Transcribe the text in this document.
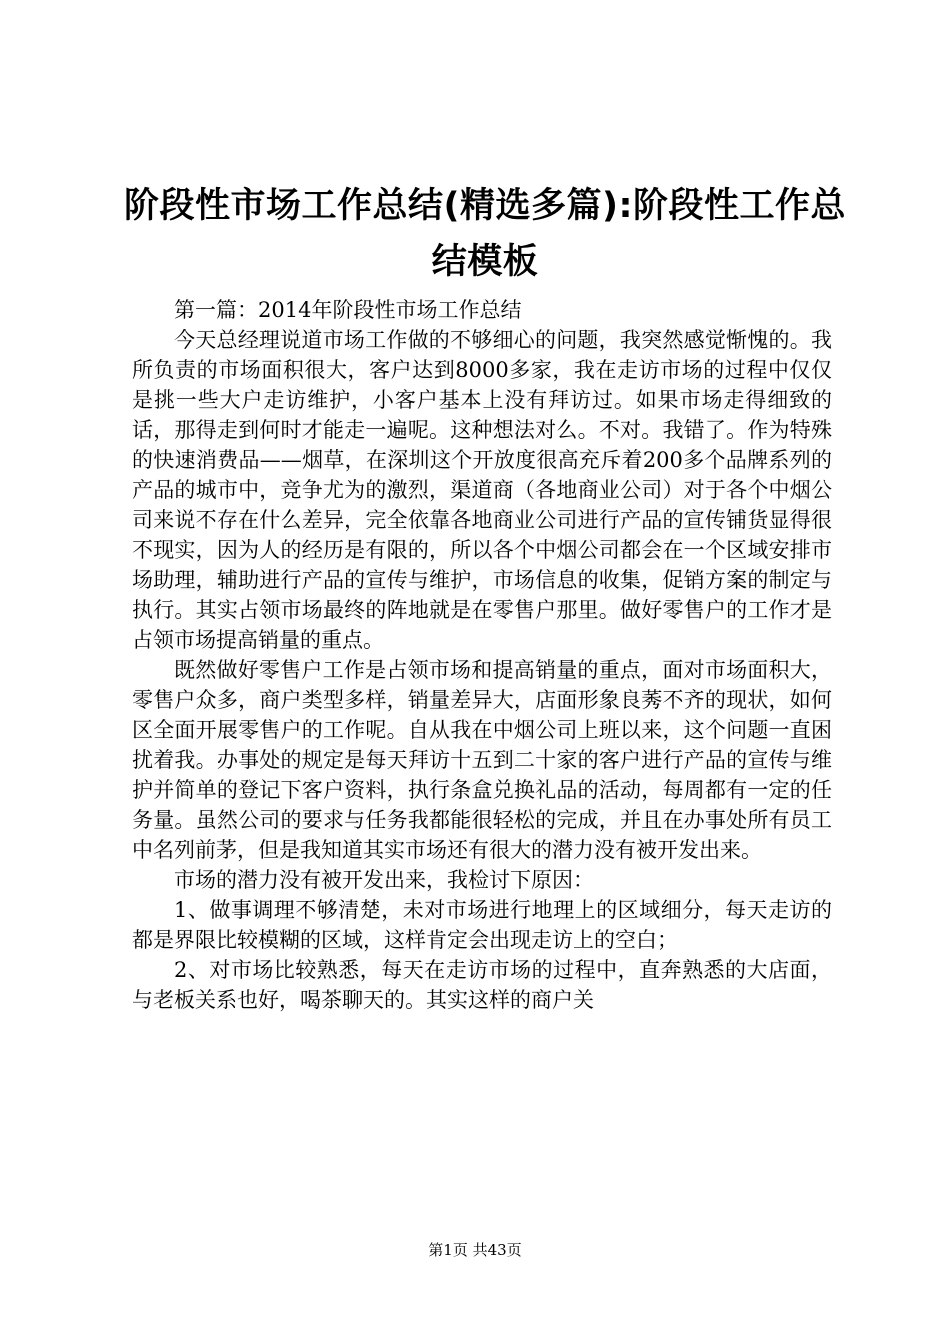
阶段性市场工作总结(精选多篇):阶段性工作总结模板

第一篇：2014年阶段性市场工作总结

今天总经理说道市场工作做的不够细心的问题，我突然感觉惭愧的。我所负责的市场面积很大，客户达到8000多家，我在走访市场的过程中仅仅是挑一些大户走访维护，小客户基本上没有拜访过。如果市场走得细致的话，那得走到何时才能走一遍呢。这种想法对么。不对。我错了。作为特殊的快速消费品——烟草，在深圳这个开放度很高充斥着200多个品牌系列的产品的城市中，竞争尤为的激烈，渠道商（各地商业公司）对于各个中烟公司来说不存在什么差异，完全依靠各地商业公司进行产品的宣传铺货显得很不现实，因为人的经历是有限的，所以各个中烟公司都会在一个区域安排市场助理，辅助进行产品的宣传与维护，市场信息的收集，促销方案的制定与执行。其实占领市场最终的阵地就是在零售户那里。做好零售户的工作才是占领市场提高销量的重点。

既然做好零售户工作是占领市场和提高销量的重点，面对市场面积大，零售户众多，商户类型多样，销量差异大，店面形象良莠不齐的现状，如何区全面开展零售户的工作呢。自从我在中烟公司上班以来，这个问题一直困扰着我。办事处的规定是每天拜访十五到二十家的客户进行产品的宣传与维护并简单的登记下客户资料，执行条盒兑换礼品的活动，每周都有一定的任务量。虽然公司的要求与任务我都能很轻松的完成，并且在办事处所有员工中名列前茅，但是我知道其实市场还有很大的潜力没有被开发出来。

市场的潜力没有被开发出来，我检讨下原因：

1、做事调理不够清楚，未对市场进行地理上的区域细分，每天走访的都是界限比较模糊的区域，这样肯定会出现走访上的空白；

2、对市场比较熟悉，每天在走访市场的过程中，直奔熟悉的大店面，与老板关系也好，喝茶聊天的。其实这样的商户关

第1页 共43页
